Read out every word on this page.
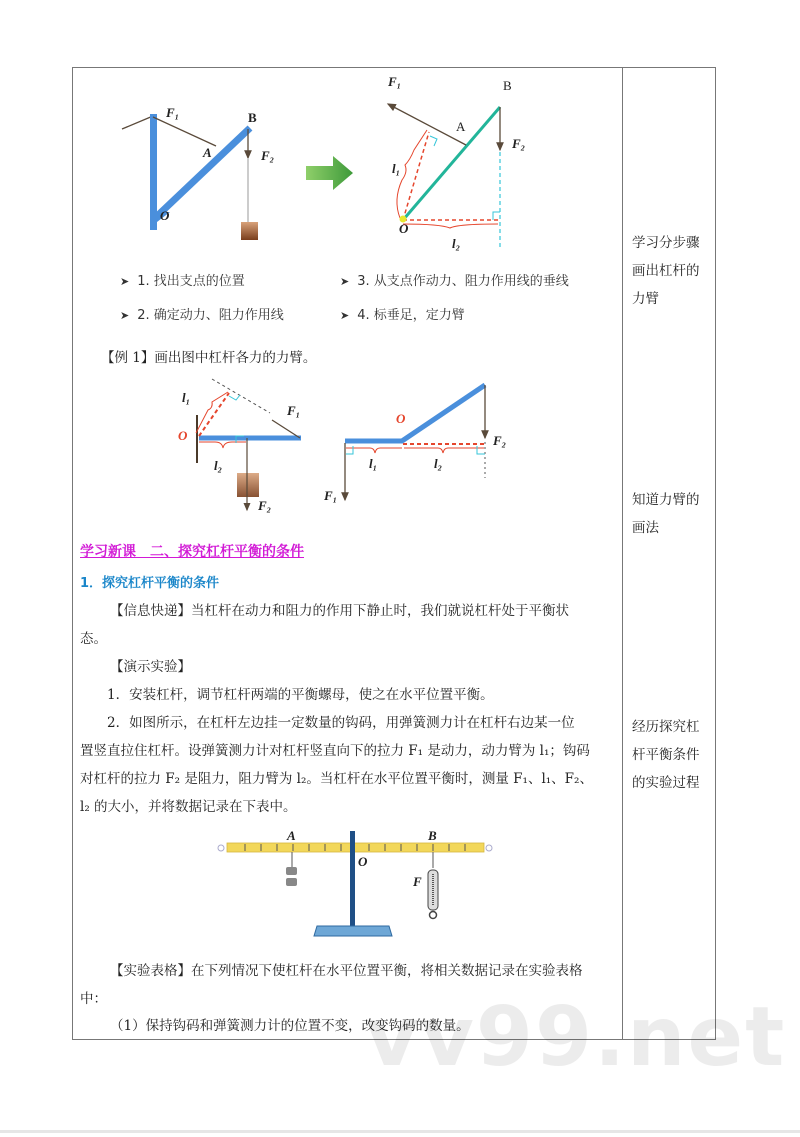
F₁	B
A	F₂
O
F₁	B
A
F₂
l₁
O
l₂
l₁
O
F₁
l₂
F₂
O
F₂
l₁	l₂
F₁
A	B
O
F
➤ 1. 找出支点的位置
➤ 2. 确定动力、阻力作用线
➤ 3. 从支点作动力、阻力作用线的垂线
➤ 4. 标垂足，定力臂
【例 1】画出图中杠杆各力的力臂。
学习新课　二、探究杠杆平衡的条件
1．探究杠杆平衡的条件
【信息快递】当杠杆在动力和阻力的作用下静止时，我们就说杠杆处于平衡状
态。
【演示实验】
1．安装杠杆，调节杠杆两端的平衡螺母，使之在水平位置平衡。
2．如图所示，在杠杆左边挂一定数量的钩码，用弹簧测力计在杠杆右边某一位
置竖直拉住杠杆。设弹簧测力计对杠杆竖直向下的拉力 F₁ 是动力，动力臂为 l₁；钩码
对杠杆的拉力 F₂ 是阻力，阻力臂为 l₂。当杠杆在水平位置平衡时，测量 F₁、l₁、F₂、
l₂ 的大小，并将数据记录在下表中。
【实验表格】在下列情况下使杠杆在水平位置平衡，将相关数据记录在实验表格
中：
（1）保持钩码和弹簧测力计的位置不变，改变钩码的数量。
学习分步骤
画出杠杆的
力臂
知道力臂的
画法
经历探究杠
杆平衡条件
的实验过程
vv99.net
